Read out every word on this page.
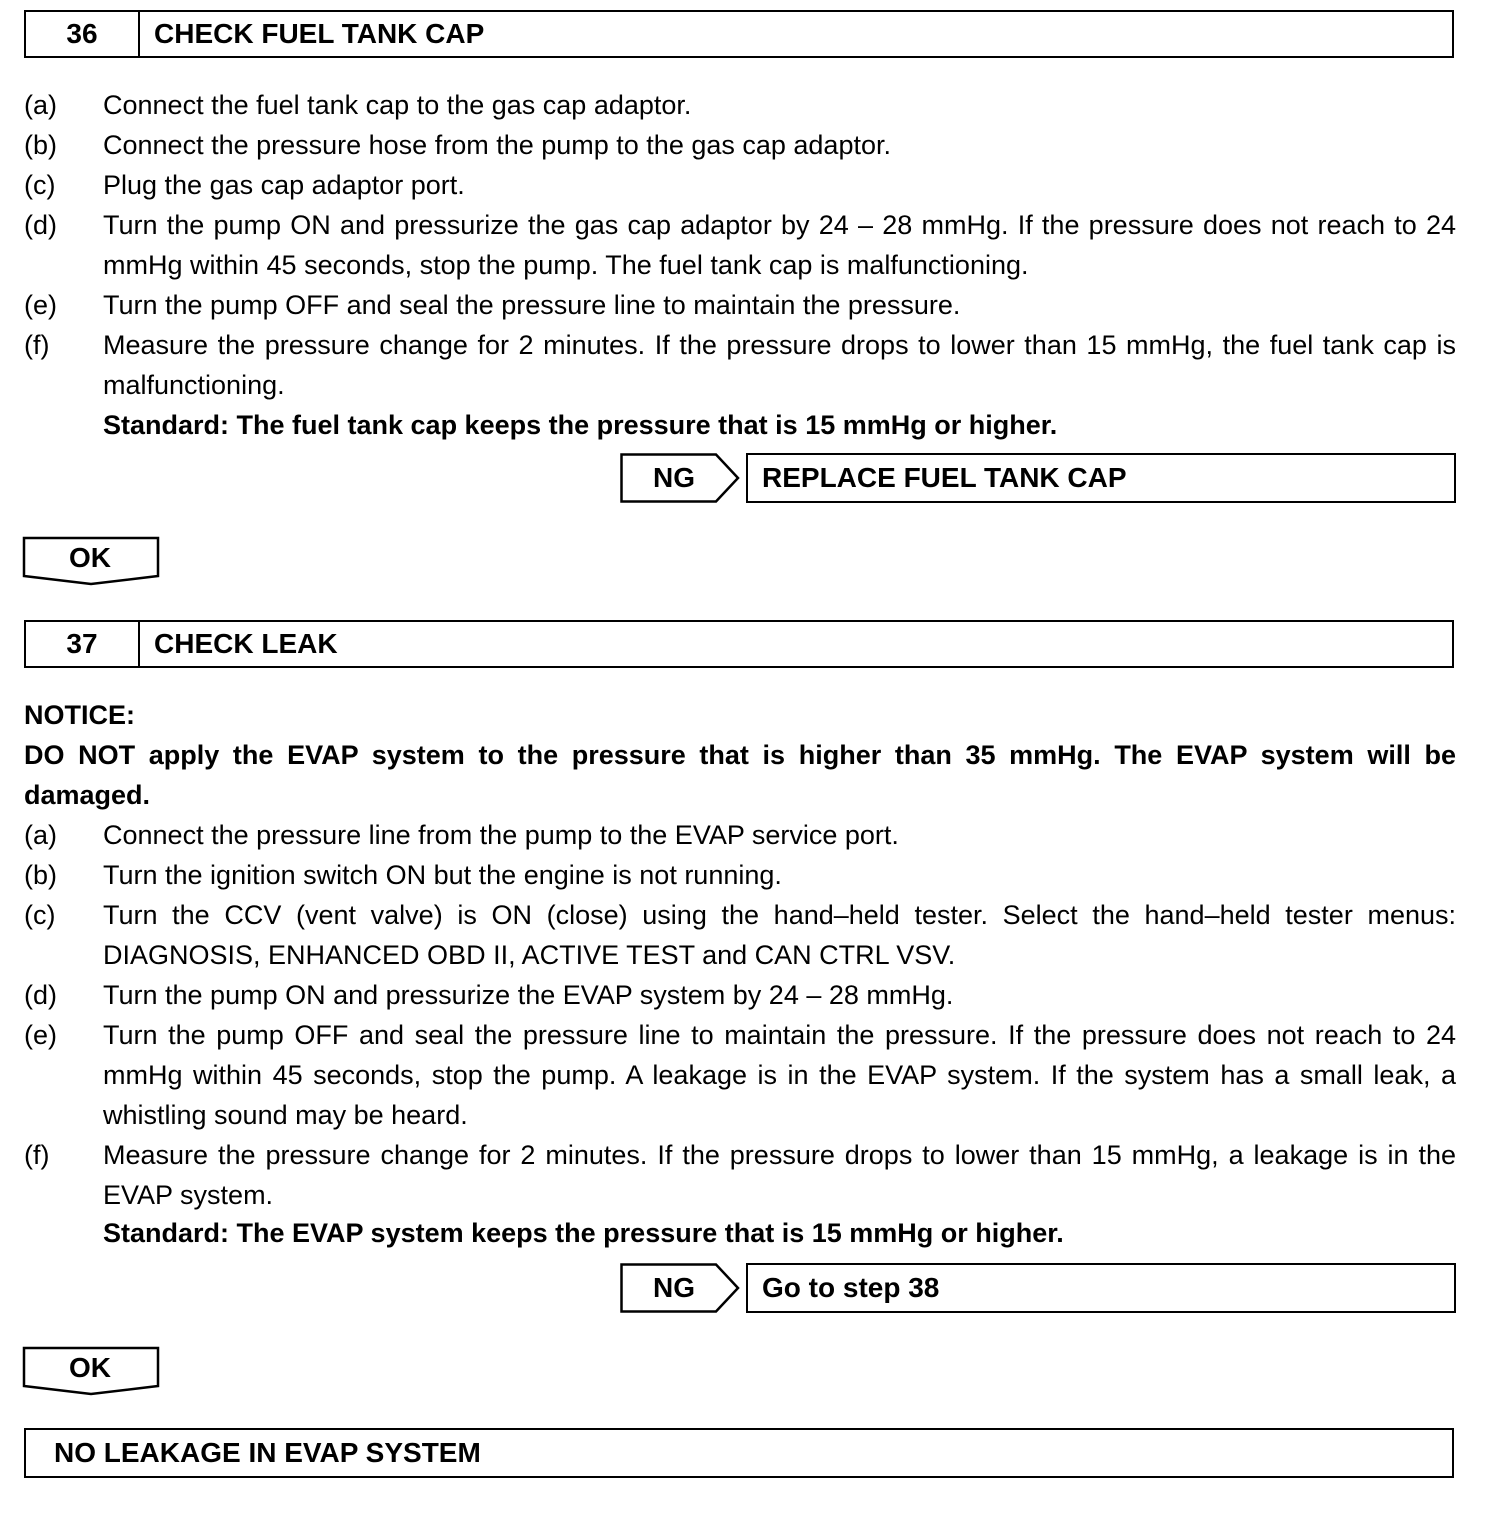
36	CHECK FUEL TANK CAP
(a) Connect the fuel tank cap to the gas cap adaptor.
(b) Connect the pressure hose from the pump to the gas cap adaptor.
(c) Plug the gas cap adaptor port.
(d) Turn the pump ON and pressurize the gas cap adaptor by 24 – 28 mmHg. If the pressure does not reach to 24 mmHg within 45 seconds, stop the pump. The fuel tank cap is malfunctioning.
(e) Turn the pump OFF and seal the pressure line to maintain the pressure.
(f) Measure the pressure change for 2 minutes. If the pressure drops to lower than 15 mmHg, the fuel tank cap is malfunctioning.
Standard: The fuel tank cap keeps the pressure that is 15 mmHg or higher.
NG	REPLACE FUEL TANK CAP
OK
37	CHECK LEAK
NOTICE:
DO NOT apply the EVAP system to the pressure that is higher than 35 mmHg. The EVAP system will be damaged.
(a) Connect the pressure line from the pump to the EVAP service port.
(b) Turn the ignition switch ON but the engine is not running.
(c) Turn the CCV (vent valve) is ON (close) using the hand–held tester. Select the hand–held tester menus: DIAGNOSIS, ENHANCED OBD II, ACTIVE TEST and CAN CTRL VSV.
(d) Turn the pump ON and pressurize the EVAP system by 24 – 28 mmHg.
(e) Turn the pump OFF and seal the pressure line to maintain the pressure. If the pressure does not reach to 24 mmHg within 45 seconds, stop the pump. A leakage is in the EVAP system. If the system has a small leak, a whistling sound may be heard.
(f) Measure the pressure change for 2 minutes. If the pressure drops to lower than 15 mmHg, a leakage is in the EVAP system.
Standard: The EVAP system keeps the pressure that is 15 mmHg or higher.
NG	Go to step 38
OK
NO LEAKAGE IN EVAP SYSTEM
